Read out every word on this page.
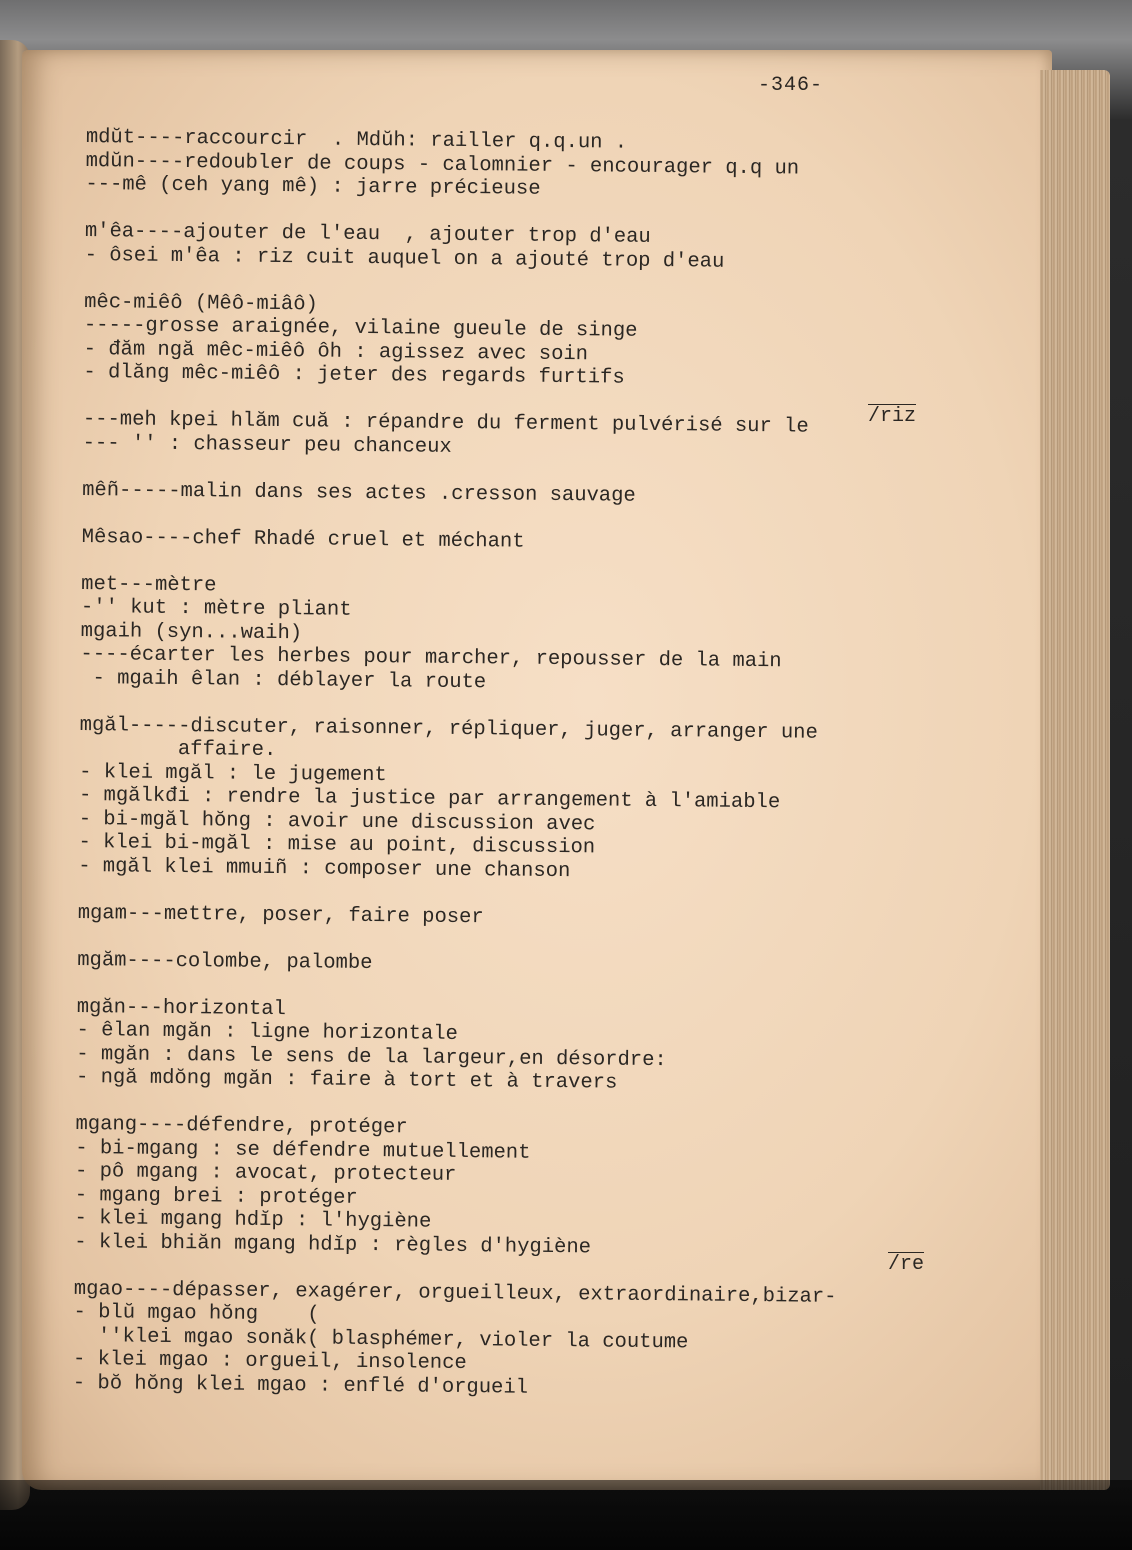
-346-
mdŭt----raccourcir  . Mdŭh: railler q.q.un .
mdŭn----redoubler de coups - calomnier - encourager q.q un
---mê (ceh yang mê) : jarre précieuse
m'êa----ajouter de l'eau  , ajouter trop d'eau
- ôsei m'êa : riz cuit auquel on a ajouté trop d'eau
mêc-miêô (Mêô-miâô)
-----grosse araignée, vilaine gueule de singe
- đăm ngă mêc-miêô ôh : agissez avec soin
- dlăng mêc-miêô : jeter des regards furtifs
---meh kpei hlăm cuă : répandre du ferment pulvérisé sur le
--- '' : chasseur peu chanceux
mêñ-----malin dans ses actes .cresson sauvage
Mêsao----chef Rhadé cruel et méchant
met---mètre
-'' kut : mètre pliant
mgaih (syn...waih)
----écarter les herbes pour marcher, repousser de la main
- mgaih êlan : déblayer la route
mgăl-----discuter, raisonner, répliquer, juger, arranger une
affaire.
- klei mgăl : le jugement
- mgălkđi : rendre la justice par arrangement à l'amiable
- bi-mgăl hŏng : avoir une discussion avec
- klei bi-mgăl : mise au point, discussion
- mgăl klei mmuiñ : composer une chanson
mgam---mettre, poser, faire poser
mgăm----colombe, palombe
mgăn---horizontal
- êlan mgăn : ligne horizontale
- mgăn : dans le sens de la largeur,en désordre:
- ngă mdŏng mgăn : faire à tort et à travers
mgang----défendre, protéger
- bi-mgang : se défendre mutuellement
- pô mgang : avocat, protecteur
- mgang brei : protéger
- klei mgang hdĭp : l'hygiène
- klei bhiăn mgang hdĭp : règles d'hygiène
mgao----dépasser, exagérer, orgueilleux, extraordinaire,bizar-
- blŭ mgao hŏng    (
''klei mgao sonăk( blasphémer, violer la coutume
- klei mgao : orgueil, insolence
- bŏ hŏng klei mgao : enflé d'orgueil
/riz
/re
